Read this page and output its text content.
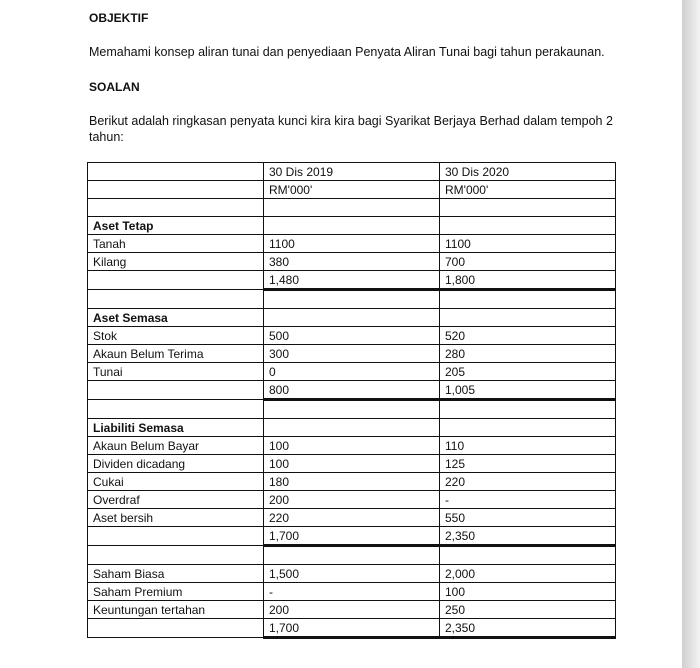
OBJEKTIF
Memahami konsep aliran tunai dan penyediaan Penyata Aliran Tunai bagi tahun perakaunan.
SOALAN
Berikut adalah ringkasan penyata kunci kira kira bagi Syarikat Berjaya Berhad dalam tempoh 2 tahun:
	30 Dis 2019	30 Dis 2020
	RM'000'	RM'000'

Aset Tetap		
Tanah	1100	1100
Kilang	380	700
	1,480	1,800

Aset Semasa		
Stok	500	520
Akaun Belum Terima	300	280
Tunai	0	205
	800	1,005

Liabiliti Semasa		
Akaun Belum Bayar	100	110
Dividen dicadang	100	125
Cukai	180	220
Overdraf	200	-
Aset bersih	220	550
	1,700	2,350

Saham Biasa	1,500	2,000
Saham Premium	-	100
Keuntungan tertahan	200	250
	1,700	2,350
